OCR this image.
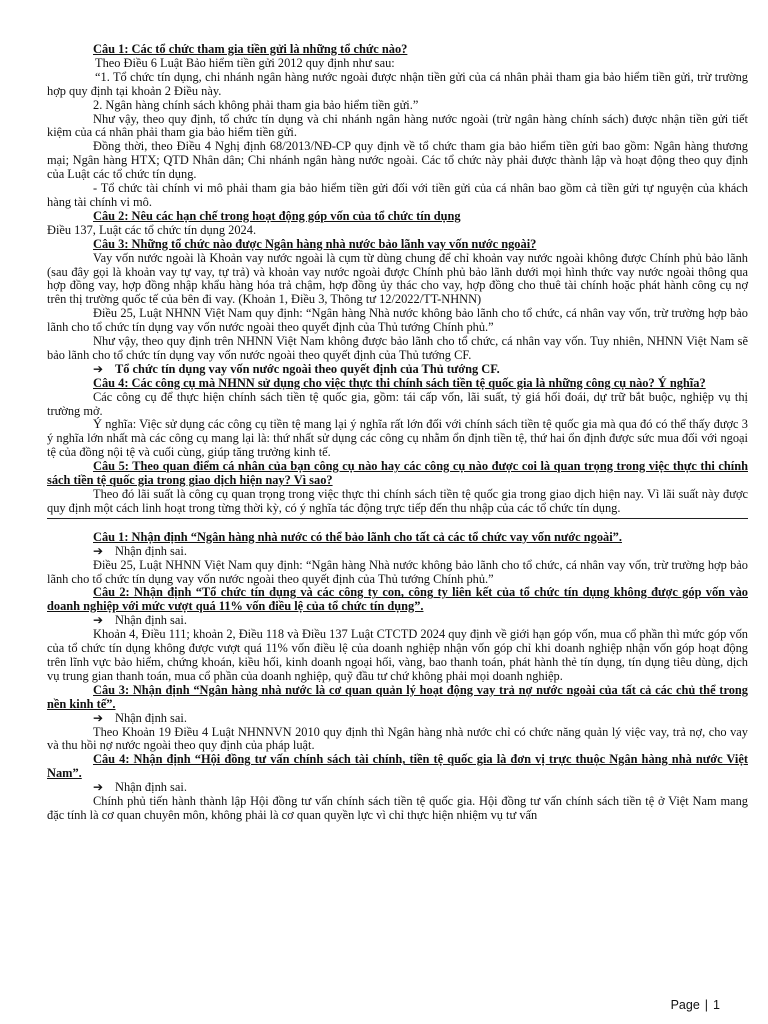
Câu 1: Các tổ chức tham gia tiền gửi là những tổ chức nào?

Theo Điều 6 Luật Bảo hiểm tiền gửi 2012 quy định như sau:

“1. Tổ chức tín dụng, chi nhánh ngân hàng nước ngoài được nhận tiền gửi của cá nhân phải tham gia bảo hiểm tiền gửi, trừ trường hợp quy định tại khoản 2 Điều này.

2. Ngân hàng chính sách không phải tham gia bảo hiểm tiền gửi.”

Như vậy, theo quy định, tổ chức tín dụng và chi nhánh ngân hàng nước ngoài (trừ ngân hàng chính sách) được nhận tiền gửi tiết kiệm của cá nhân phải tham gia bảo hiểm tiền gửi.

Đồng thời, theo Điều 4 Nghị định 68/2013/NĐ-CP quy định về tổ chức tham gia bảo hiểm tiền gửi bao gồm: Ngân hàng thương mại; Ngân hàng HTX; QTD Nhân dân; Chi nhánh ngân hàng nước ngoài. Các tổ chức này phải được thành lập và hoạt động theo quy định của Luật các tổ chức tín dụng.

- Tổ chức tài chính vi mô phải tham gia bảo hiểm tiền gửi đối với tiền gửi của cá nhân bao gồm cả tiền gửi tự nguyện của khách hàng tài chính vi mô.

Câu 2: Nêu các hạn chế trong hoạt động góp vốn của tổ chức tín dụng

Điều 137, Luật các tổ chức tín dụng 2024.

Câu 3: Những tổ chức nào được Ngân hàng nhà nước bảo lãnh vay vốn nước ngoài?

Vay vốn nước ngoài là Khoản vay nước ngoài là cụm từ dùng chung để chỉ khoản vay nước ngoài không được Chính phủ bảo lãnh (sau đây gọi là khoản vay tự vay, tự trả) và khoản vay nước ngoài được Chính phủ bảo lãnh dưới mọi hình thức vay nước ngoài thông qua hợp đồng vay, hợp đồng nhập khẩu hàng hóa trả chậm, hợp đồng ủy thác cho vay, hợp đồng cho thuê tài chính hoặc phát hành công cụ nợ trên thị trường quốc tế của bên đi vay. (Khoản 1, Điều 3, Thông tư 12/2022/TT-NHNN)

Điều 25, Luật NHNN Việt Nam quy định: “Ngân hàng Nhà nước không bảo lãnh cho tổ chức, cá nhân vay vốn, trừ trường hợp bảo lãnh cho tổ chức tín dụng vay vốn nước ngoài theo quyết định của Thủ tướng Chính phủ.”

Như vậy, theo quy định trên NHNN Việt Nam không được bảo lãnh cho tổ chức, cá nhân vay vốn. Tuy nhiên, NHNN Việt Nam sẽ bảo lãnh cho tổ chức tín dụng vay vốn nước ngoài theo quyết định của Thủ tướng CF.

➔ Tổ chức tín dụng vay vốn nước ngoài theo quyết định của Thủ tướng CF.

Câu 4: Các công cụ mà NHNN sử dụng cho việc thực thi chính sách tiền tệ quốc gia là những công cụ nào? Ý nghĩa?

Các công cụ để thực hiện chính sách tiền tệ quốc gia, gồm: tái cấp vốn, lãi suất, tỷ giá hối đoái, dự trữ bắt buộc, nghiệp vụ thị trường mở.

Ý nghĩa: Việc sử dụng các công cụ tiền tệ mang lại ý nghĩa rất lớn đối với chính sách tiền tệ quốc gia mà qua đó có thể thấy được 3 ý nghĩa lớn nhất mà các công cụ mang lại là: thứ nhất sử dụng các công cụ nhằm ổn định tiền tệ, thứ hai ổn định được sức mua đối với ngoại tệ của đồng nội tệ và cuối cùng, giúp tăng trưởng kinh tế.

Câu 5: Theo quan điểm cá nhân của bạn công cụ nào hay các công cụ nào được coi là quan trọng trong việc thực thi chính sách tiền tệ quốc gia trong giao dịch hiện nay? Vì sao?

Theo đó lãi suất là công cụ quan trọng trong việc thực thi chính sách tiền tệ quốc gia trong giao dịch hiện nay. Vì lãi suất này được quy định một cách linh hoạt trong từng thời kỳ, có ý nghĩa tác động trực tiếp đến thu nhập của các tổ chức tín dụng.

Câu 1: Nhận định “Ngân hàng nhà nước có thể bảo lãnh cho tất cả các tổ chức vay vốn nước ngoài”.

➔ Nhận định sai.

Điều 25, Luật NHNN Việt Nam quy định: “Ngân hàng Nhà nước không bảo lãnh cho tổ chức, cá nhân vay vốn, trừ trường hợp bảo lãnh cho tổ chức tín dụng vay vốn nước ngoài theo quyết định của Thủ tướng Chính phủ.”

Câu 2: Nhận định “Tổ chức tín dụng và các công ty con, công ty liên kết của tổ chức tín dụng không được góp vốn vào doanh nghiệp với mức vượt quá 11% vốn điều lệ của tổ chức tín dụng”.

➔ Nhận định sai.

Khoản 4, Điều 111; khoản 2, Điều 118 và Điều 137 Luật CTCTD 2024 quy định về giới hạn góp vốn, mua cổ phần thì mức góp vốn của tổ chức tín dụng không được vượt quá 11% vốn điều lệ của doanh nghiệp nhận vốn góp chỉ khi doanh nghiệp nhận vốn góp hoạt động trên lĩnh vực bảo hiểm, chứng khoán, kiều hối, kinh doanh ngoại hối, vàng, bao thanh toán, phát hành thẻ tín dụng, tín dụng tiêu dùng, dịch vụ trung gian thanh toán, mua cổ phần của doanh nghiệp, quỹ đầu tư chứ không phải mọi doanh nghiệp.

Câu 3: Nhận định “Ngân hàng nhà nước là cơ quan quản lý hoạt động vay trả nợ nước ngoài của tất cả các chủ thể trong nền kinh tế”.

➔ Nhận định sai.

Theo Khoản 19 Điều 4 Luật NHNNVN 2010 quy định thì Ngân hàng nhà nước chỉ có chức năng quản lý việc vay, trả nợ, cho vay và thu hồi nợ nước ngoài theo quy định của pháp luật.

Câu 4: Nhận định “Hội đồng tư vấn chính sách tài chính, tiền tệ quốc gia là đơn vị trực thuộc Ngân hàng nhà nước Việt Nam”.

➔ Nhận định sai.

Chính phủ tiến hành thành lập Hội đồng tư vấn chính sách tiền tệ quốc gia. Hội đồng tư vấn chính sách tiền tệ ở Việt Nam mang đặc tính là cơ quan chuyên môn, không phải là cơ quan quyền lực vì chỉ thực hiện nhiệm vụ tư vấn

Page | 1
